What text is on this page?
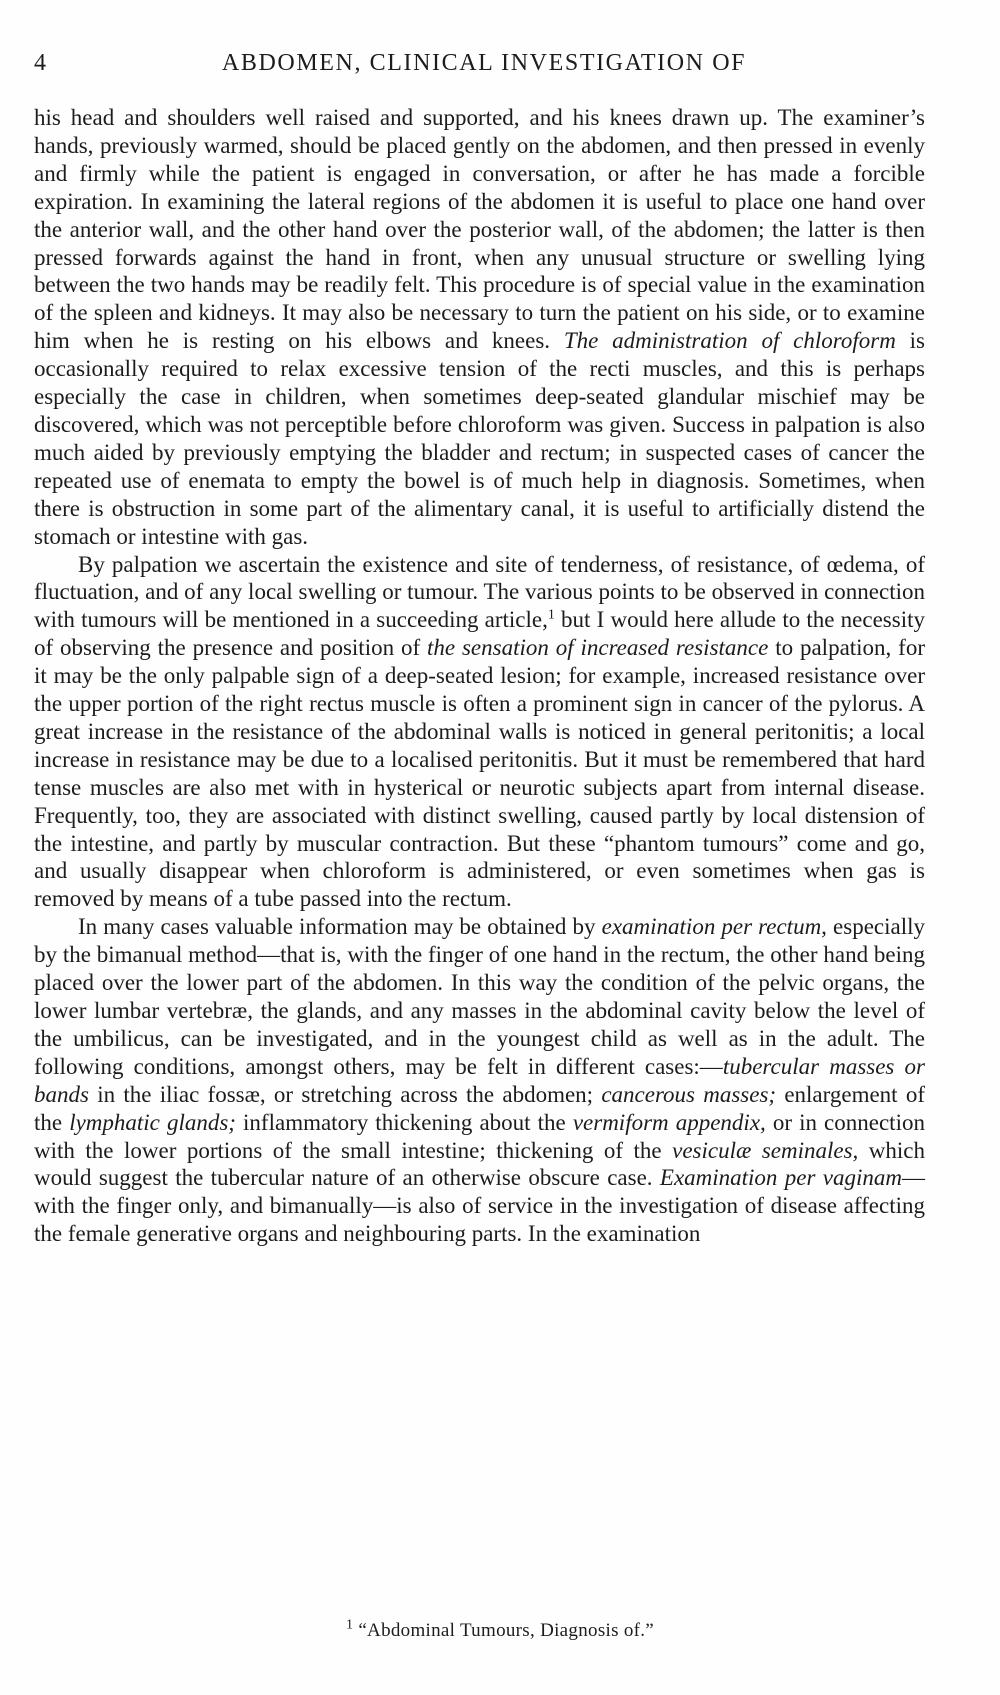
4	ABDOMEN, CLINICAL INVESTIGATION OF

his head and shoulders well raised and supported, and his knees drawn up. The examiner’s hands, previously warmed, should be placed gently on the abdomen, and then pressed in evenly and firmly while the patient is engaged in conversation, or after he has made a forcible expiration. In examining the lateral regions of the abdomen it is useful to place one hand over the anterior wall, and the other hand over the posterior wall, of the abdomen; the latter is then pressed forwards against the hand in front, when any unusual structure or swelling lying between the two hands may be readily felt. This procedure is of special value in the examination of the spleen and kidneys. It may also be necessary to turn the patient on his side, or to examine him when he is resting on his elbows and knees. The administration of chloroform is occasionally required to relax excessive tension of the recti muscles, and this is perhaps especially the case in children, when sometimes deep-seated glandular mischief may be discovered, which was not perceptible before chloroform was given. Success in palpation is also much aided by previously emptying the bladder and rectum; in suspected cases of cancer the repeated use of enemata to empty the bowel is of much help in diagnosis. Sometimes, when there is obstruction in some part of the alimentary canal, it is useful to artificially distend the stomach or intestine with gas.

By palpation we ascertain the existence and site of tenderness, of resistance, of œdema, of fluctuation, and of any local swelling or tumour. The various points to be observed in connection with tumours will be mentioned in a succeeding article,$^1$ but I would here allude to the necessity of observing the presence and position of the sensation of increased resistance to palpation, for it may be the only palpable sign of a deep-seated lesion; for example, increased resistance over the upper portion of the right rectus muscle is often a prominent sign in cancer of the pylorus. A great increase in the resistance of the abdominal walls is noticed in general peritonitis; a local increase in resistance may be due to a localised peritonitis. But it must be remembered that hard tense muscles are also met with in hysterical or neurotic subjects apart from internal disease. Frequently, too, they are associated with distinct swelling, caused partly by local distension of the intestine, and partly by muscular contraction. But these “phantom tumours” come and go, and usually disappear when chloroform is administered, or even sometimes when gas is removed by means of a tube passed into the rectum.

In many cases valuable information may be obtained by examination per rectum, especially by the bimanual method—that is, with the finger of one hand in the rectum, the other hand being placed over the lower part of the abdomen. In this way the condition of the pelvic organs, the lower lumbar vertebræ, the glands, and any masses in the abdominal cavity below the level of the umbilicus, can be investigated, and in the youngest child as well as in the adult. The following conditions, amongst others, may be felt in different cases:—tubercular masses or bands in the iliac fossæ, or stretching across the abdomen; cancerous masses; enlargement of the lymphatic glands; inflammatory thickening about the vermiform appendix, or in connection with the lower portions of the small intestine; thickening of the vesiculæ seminales, which would suggest the tubercular nature of an otherwise obscure case. Examination per vaginam—with the finger only, and bimanually—is also of service in the investigation of disease affecting the female generative organs and neighbouring parts. In the examination

$^1$ “Abdominal Tumours, Diagnosis of.”
